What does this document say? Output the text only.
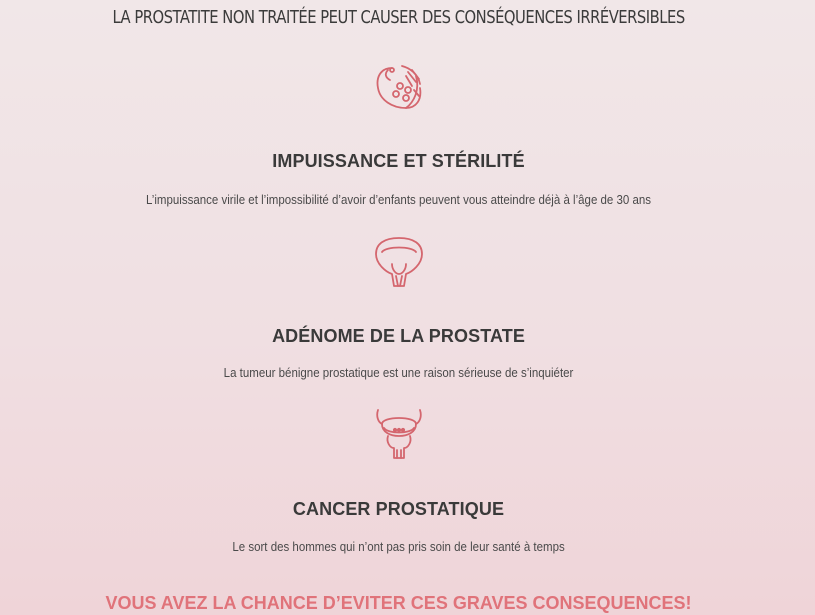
LA PROSTATITE NON TRAITÉE PEUT CAUSER DES CONSÉQUENCES IRRÉVERSIBLES
IMPUISSANCE ET STÉRILITÉ

L’impuissance virile et l’impossibilité d’avoir d’enfants peuvent vous atteindre déjà à l’âge de 30 ans

ADÉNOME DE LA PROSTATE

La tumeur bénigne prostatique est une raison sérieuse de s’inquiéter

CANCER PROSTATIQUE

Le sort des hommes qui n’ont pas pris soin de leur santé à temps

VOUS AVEZ LA CHANCE D’EVITER CES GRAVES CONSEQUENCES!
